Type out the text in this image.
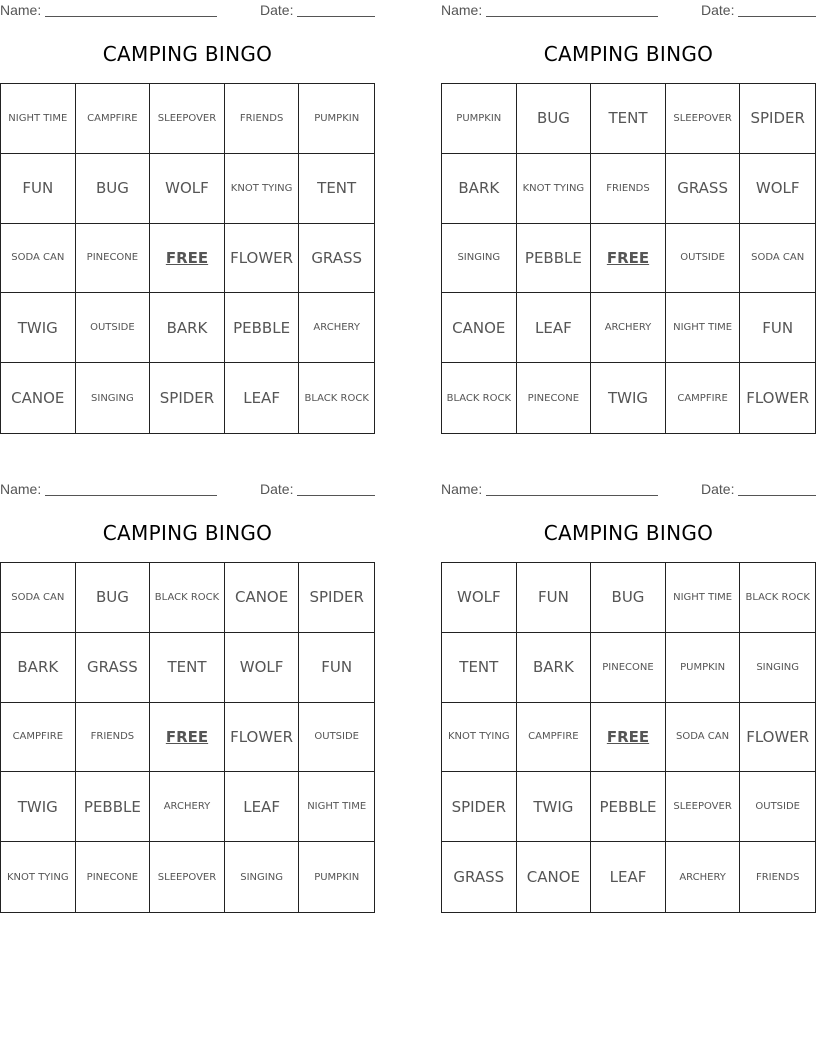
Name:	Date:
CAMPING BINGO
NIGHT TIME	CAMPFIRE	SLEEPOVER	FRIENDS	PUMPKIN
FUN	BUG	WOLF	KNOT TYING	TENT
SODA CAN	PINECONE	FREE	FLOWER	GRASS
TWIG	OUTSIDE	BARK	PEBBLE	ARCHERY
CANOE	SINGING	SPIDER	LEAF	BLACK ROCK
Name:	Date:
CAMPING BINGO
PUMPKIN	BUG	TENT	SLEEPOVER	SPIDER
BARK	KNOT TYING	FRIENDS	GRASS	WOLF
SINGING	PEBBLE	FREE	OUTSIDE	SODA CAN
CANOE	LEAF	ARCHERY	NIGHT TIME	FUN
BLACK ROCK	PINECONE	TWIG	CAMPFIRE	FLOWER
Name:	Date:
CAMPING BINGO
SODA CAN	BUG	BLACK ROCK	CANOE	SPIDER
BARK	GRASS	TENT	WOLF	FUN
CAMPFIRE	FRIENDS	FREE	FLOWER	OUTSIDE
TWIG	PEBBLE	ARCHERY	LEAF	NIGHT TIME
KNOT TYING	PINECONE	SLEEPOVER	SINGING	PUMPKIN
Name:	Date:
CAMPING BINGO
WOLF	FUN	BUG	NIGHT TIME	BLACK ROCK
TENT	BARK	PINECONE	PUMPKIN	SINGING
KNOT TYING	CAMPFIRE	FREE	SODA CAN	FLOWER
SPIDER	TWIG	PEBBLE	SLEEPOVER	OUTSIDE
GRASS	CANOE	LEAF	ARCHERY	FRIENDS
